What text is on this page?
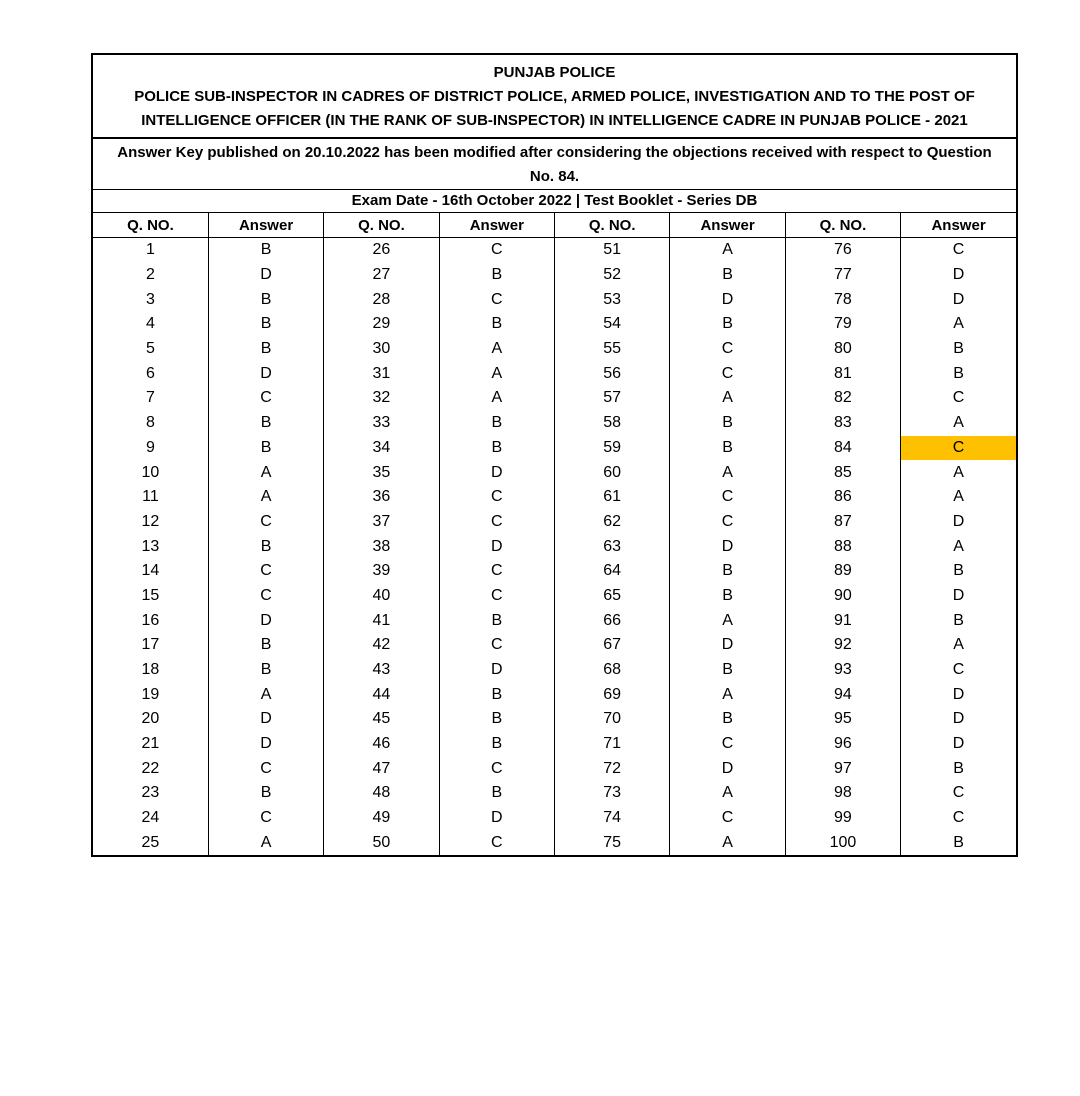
PUNJAB POLICE
POLICE SUB-INSPECTOR IN CADRES OF DISTRICT POLICE, ARMED POLICE, INVESTIGATION AND TO THE POST OF
INTELLIGENCE OFFICER (IN THE RANK OF SUB-INSPECTOR) IN INTELLIGENCE CADRE IN PUNJAB POLICE - 2021
Answer Key published on 20.10.2022 has been modified after considering the objections received with respect to Question
No. 84.
Exam Date - 16th October 2022 | Test Booklet - Series DB
Q. NO.	Answer	Q. NO.	Answer	Q. NO.	Answer	Q. NO.	Answer
1	B	26	C	51	A	76	C
2	D	27	B	52	B	77	D
3	B	28	C	53	D	78	D
4	B	29	B	54	B	79	A
5	B	30	A	55	C	80	B
6	D	31	A	56	C	81	B
7	C	32	A	57	A	82	C
8	B	33	B	58	B	83	A
9	B	34	B	59	B	84	C
10	A	35	D	60	A	85	A
11	A	36	C	61	C	86	A
12	C	37	C	62	C	87	D
13	B	38	D	63	D	88	A
14	C	39	C	64	B	89	B
15	C	40	C	65	B	90	D
16	D	41	B	66	A	91	B
17	B	42	C	67	D	92	A
18	B	43	D	68	B	93	C
19	A	44	B	69	A	94	D
20	D	45	B	70	B	95	D
21	D	46	B	71	C	96	D
22	C	47	C	72	D	97	B
23	B	48	B	73	A	98	C
24	C	49	D	74	C	99	C
25	A	50	C	75	A	100	B
